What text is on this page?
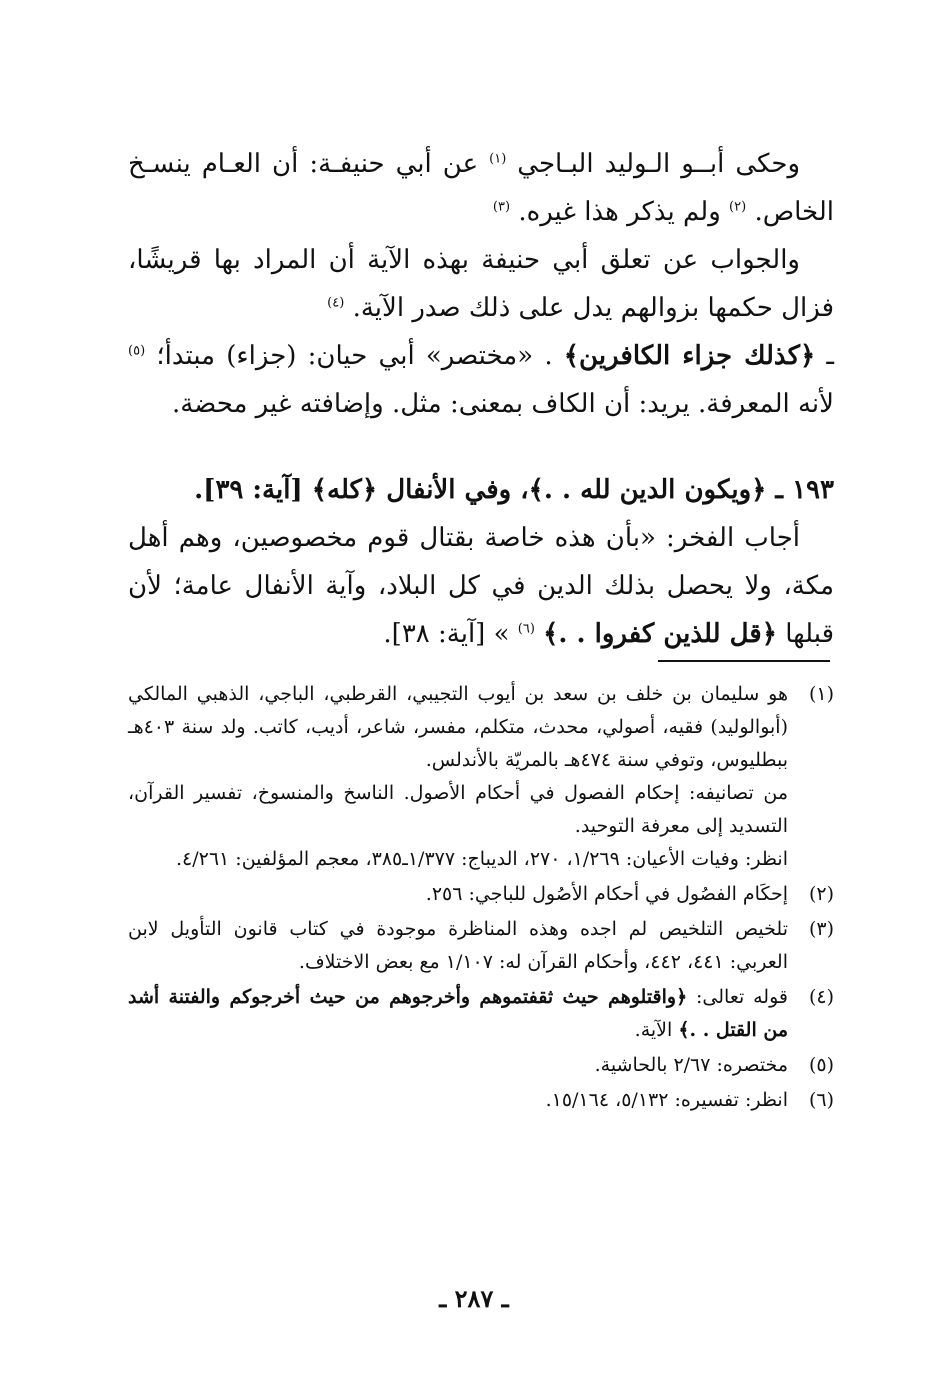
وحكى أبــو الـوليد البـاجي $^{(١)}$ عن أبي حنيفـة: أن العـام ينسـخ الخاص. $^{(٢)}$ ولم يذكر هذا غيره. $^{(٣)}$

والجواب عن تعلق أبي حنيفة بهذه الآية أن المراد بها قريشًا، فزال حكمها بزوالهم يدل على ذلك صدر الآية. $^{(٤)}$

ـ ﴿كذلك جزاء الكافرين﴾ . «مختصر» أبي حيان: (جزاء) مبتدأ؛ $^{(٥)}$ لأنه المعرفة. يريد: أن الكاف بمعنى: مثل. وإضافته غير محضة.

١٩٣ ـ ﴿ويكون الدين لله . .﴾، وفي الأنفال ﴿كله﴾ [آية: ٣٩].

أجاب الفخر: «بأن هذه خاصة بقتال قوم مخصوصين، وهم أهل مكة، ولا يحصل بذلك الدين في كل البلاد، وآية الأنفال عامة؛ لأن قبلها ﴿قل للذين كفروا . .﴾ $^{(٦)}$ » [آية: ٣٨].

(١)

هو سليمان بن خلف بن سعد بن أيوب التجيبي، القرطبي، الباجي، الذهبي المالكي (أبوالوليد) فقيه، أصولي، محدث، متكلم، مفسر، شاعر، أديب، كاتب. ولد سنة ٤٠٣هـ ببطليوس، وتوفي سنة ٤٧٤هـ بالمريّة بالأندلس.

من تصانيفه: إحكام الفصول في أحكام الأصول. الناسخ والمنسوخ، تفسير القرآن، التسديد إلى معرفة التوحيد.

انظر: وفيات الأعيان: ١/٢٦٩، ٢٧٠، الديباج: ١/٣٧٧ـ٣٨٥، معجم المؤلفين: ٤/٢٦١.

(٢)

إحكَام الفصُول في أحكام الأصُول للباجي: ٢٥٦.

(٣)

تلخيص التلخيص لم اجده وهذه المناظرة موجودة في كتاب قانون التأويل لابن العربي: ٤٤١، ٤٤٢، وأحكام القرآن له: ١/١٠٧ مع بعض الاختلاف.

(٤)

قوله تعالى: ﴿واقتلوهم حيث ثقفتموهم وأخرجوهم من حيث أخرجوكم والفتنة أشد من القتل . .﴾ الآية.

(٥)

مختصره: ٢/٦٧ بالحاشية.

(٦)

انظر: تفسيره: ٥/١٣٢، ١٥/١٦٤.

ـ ٢٨٧ ـ
